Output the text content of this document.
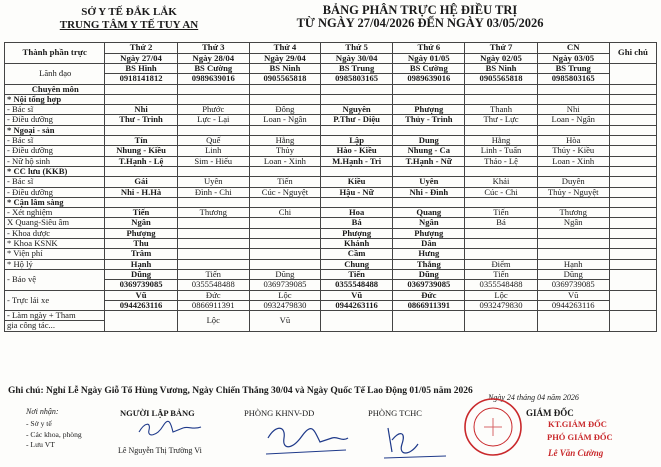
SỞ Y TẾ ĐẮK LẮK
TRUNG TÂM Y TẾ TUY AN
BẢNG PHÂN TRỰC HỆ ĐIỀU TRỊ
TỪ NGÀY 27/04/2026 ĐẾN NGÀY 03/05/2026
Thành phần trực	Thứ 2	Thứ 3	Thứ 4	Thứ 5	Thứ 6	Thứ 7	CN	Ghi chú
	Ngày 27/04	Ngày 28/04	Ngày 29/04	Ngày 30/04	Ngày 01/05	Ngày 02/05	Ngày 03/05	
Lãnh đạo	BS Hinh	BS Cường	BS Ninh	BS Trung	BS Cường	BS Ninh	BS Trung	
	0918141812	0989639016	0905565818	0985803165	0989639016	0905565818	0985803165	
Chuyên môn								
* Nội tổng hợp								
- Bác sĩ	Nhi	Phước	Đông	Nguyên	Phượng	Thanh	Nhi	
- Điều dưỡng	Thư - Trinh	Lực - Lại	Loan - Ngân	P.Thư - Diệu	Thủy - Trinh	Thư - Lực	Loan - Ngân	
* Ngoại - sản								
- Bác sĩ	Tín	Quế	Hằng	Lập	Dung	Hằng	Hòa	
- Điều dưỡng	Nhung - Kiều	Linh	Thủy	Hào - Kiều	Nhung - Ca	Linh - Tuấn	Thủy - Kiều	
- Nữ hộ sinh	T.Hạnh - Lệ	Sim - Hiếu	Loan - Xinh	M.Hạnh - Tri	T.Hạnh - Nữ	Thảo - Lệ	Loan - Xinh	
* CC lưu (KKB)								
- Bác sĩ	Gái	Uyên	Tiến	Kiều	Uyên	Khải	Duyên	
- Điều dưỡng	Nhi - H.Hà	Đình - Chi	Cúc - Nguyệt	Hậu - Nữ	Nhi - Đình	Cúc - Chi	Thủy - Nguyệt	
* Cận lâm sàng								
- Xét nghiệm	Tiến	Thương	Chi	Hoa	Quang	Tiến	Thương	
X Quang-Siêu âm	Ngân			Bá	Ngân	Bá	Ngân	
- Khoa dược	Phượng			Phượng	Phượng			
* Khoa KSNK	Thu			Khánh	Dân			
* Viện phí	Trâm			Cầm	Hưng			
* Hộ lý	Hạnh			Chung	Thắng	Điểm	Hạnh	
- Bảo vệ	Dũng	Tiến	Dũng	Tiến	Dũng	Tiến	Dũng	
	0369739085	0355548488	0369739085	0355548488	0369739085	0355548488	0369739085	
- Trực lái xe	Vũ	Đức	Lộc	Vũ	Đức	Lộc	Vũ	
	0944263116	0866911391	0932479830	0944263116	0866911391	0932479830	0944263116	
- Làm ngày + Tham		Lộc	Vũ					
gia công tác...								
Ghi chú: Nghỉ Lễ Ngày Giỗ Tổ Hùng Vương, Ngày Chiến Thắng 30/04 và Ngày Quốc Tế Lao Động 01/05 năm 2026
Nơi nhận:
- Sở y tế
- Các khoa, phòng
- Lưu VT
NGƯỜI LẬP BẢNG
Lê Nguyễn Thị Trường Vi
PHÒNG KHNV-DD	PHÒNG TCHC
Ngày 24 tháng 04 năm 2026
GIÁM ĐỐC
KT.GIÁM ĐỐC
PHÓ GIÁM ĐỐC
Lê Văn Cường
